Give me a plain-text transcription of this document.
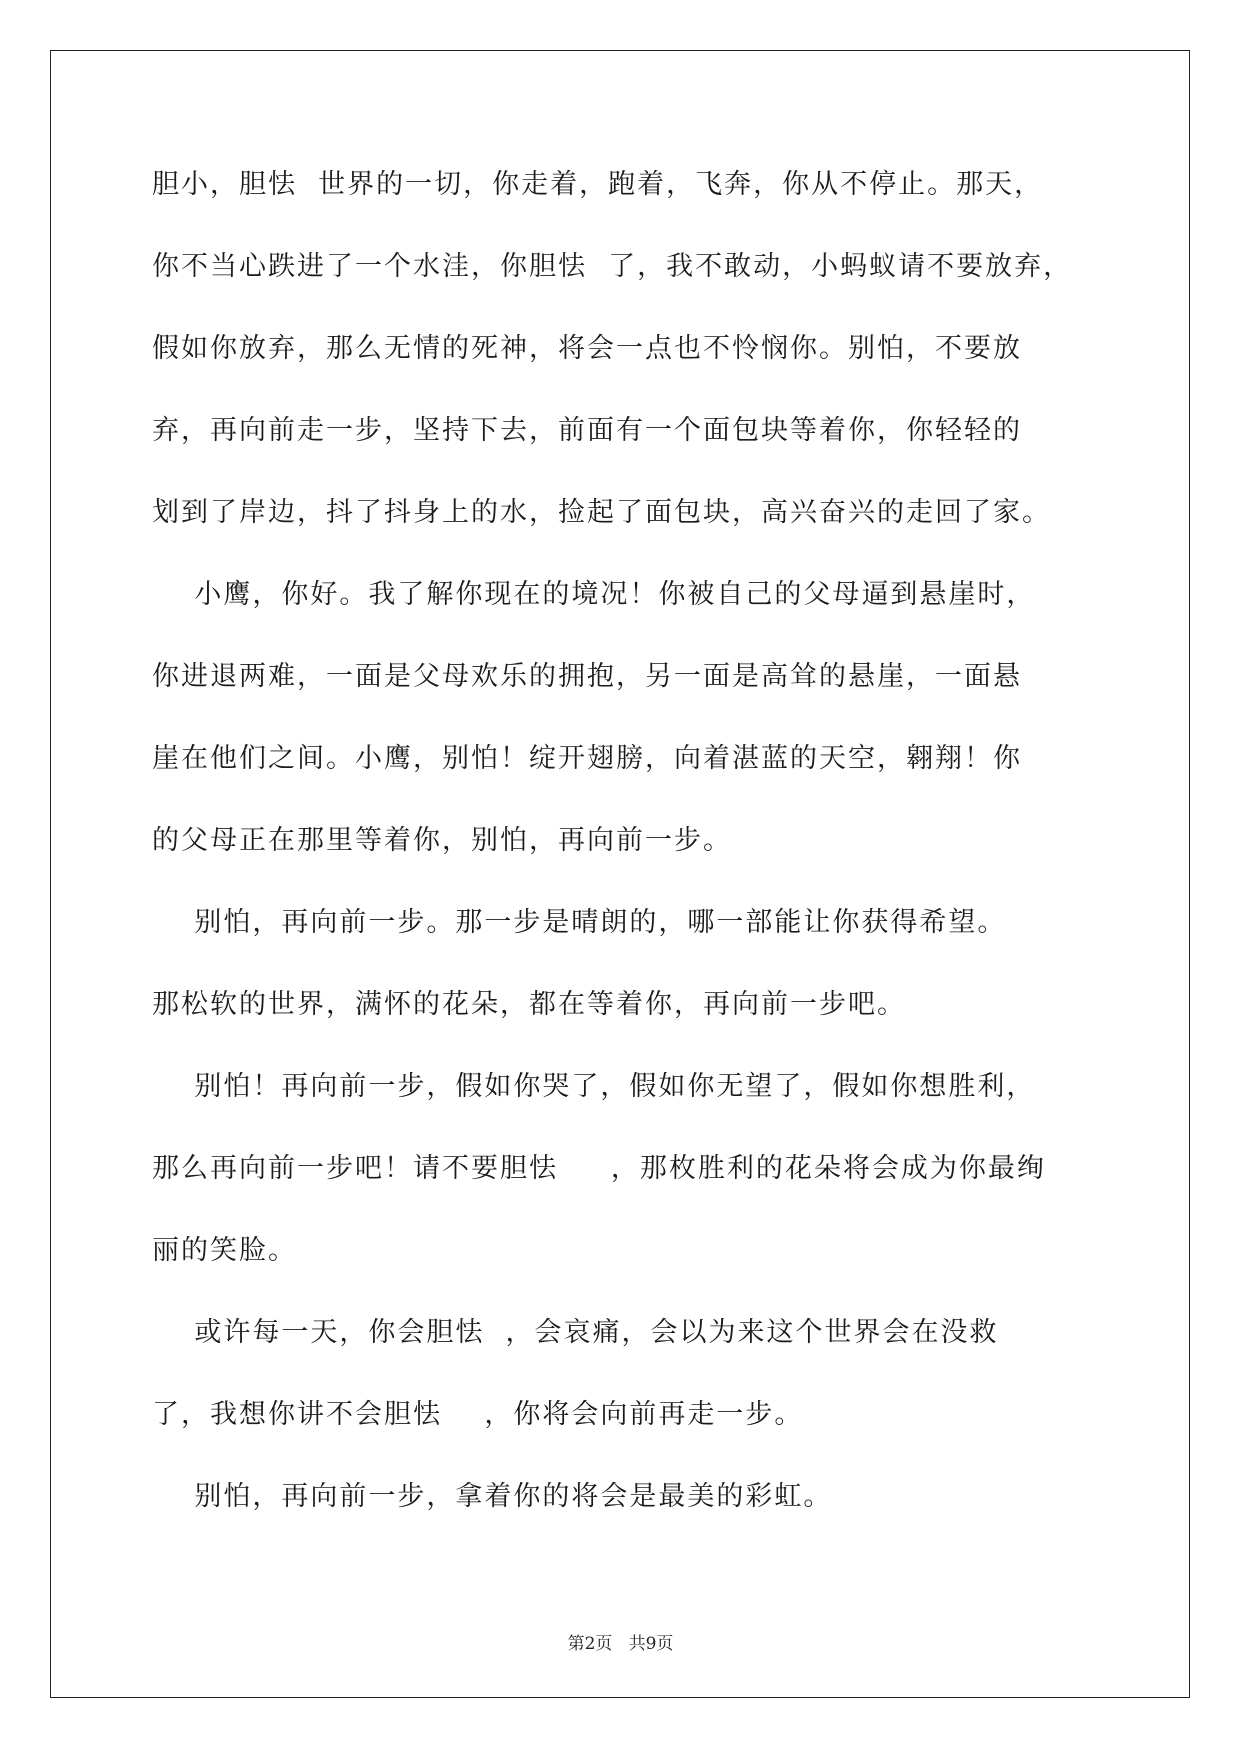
胆小，胆怯  世界的一切，你走着，跑着，飞奔，你从不停止。那天，
你不当心跌进了一个水洼，你胆怯  了，我不敢动，小蚂蚁请不要放弃，
假如你放弃，那么无情的死神，将会一点也不怜悯你。别怕，不要放
弃，再向前走一步，坚持下去，前面有一个面包块等着你，你轻轻的
划到了岸边，抖了抖身上的水，捡起了面包块，高兴奋兴的走回了家。
小鹰，你好。我了解你现在的境况！你被自己的父母逼到悬崖时，
你进退两难，一面是父母欢乐的拥抱，另一面是高耸的悬崖，一面悬
崖在他们之间。小鹰，别怕！绽开翅膀，向着湛蓝的天空，翱翔！你
的父母正在那里等着你，别怕，再向前一步。
别怕，再向前一步。那一步是晴朗的，哪一部能让你获得希望。
那松软的世界，满怀的花朵，都在等着你，再向前一步吧。
别怕！再向前一步，假如你哭了，假如你无望了，假如你想胜利，
那么再向前一步吧！请不要胆怯     ，那枚胜利的花朵将会成为你最绚
丽的笑脸。
或许每一天，你会胆怯  ，会哀痛，会以为来这个世界会在没救
了，我想你讲不会胆怯    ，你将会向前再走一步。
别怕，再向前一步，拿着你的将会是最美的彩虹。
第2页   共9页
